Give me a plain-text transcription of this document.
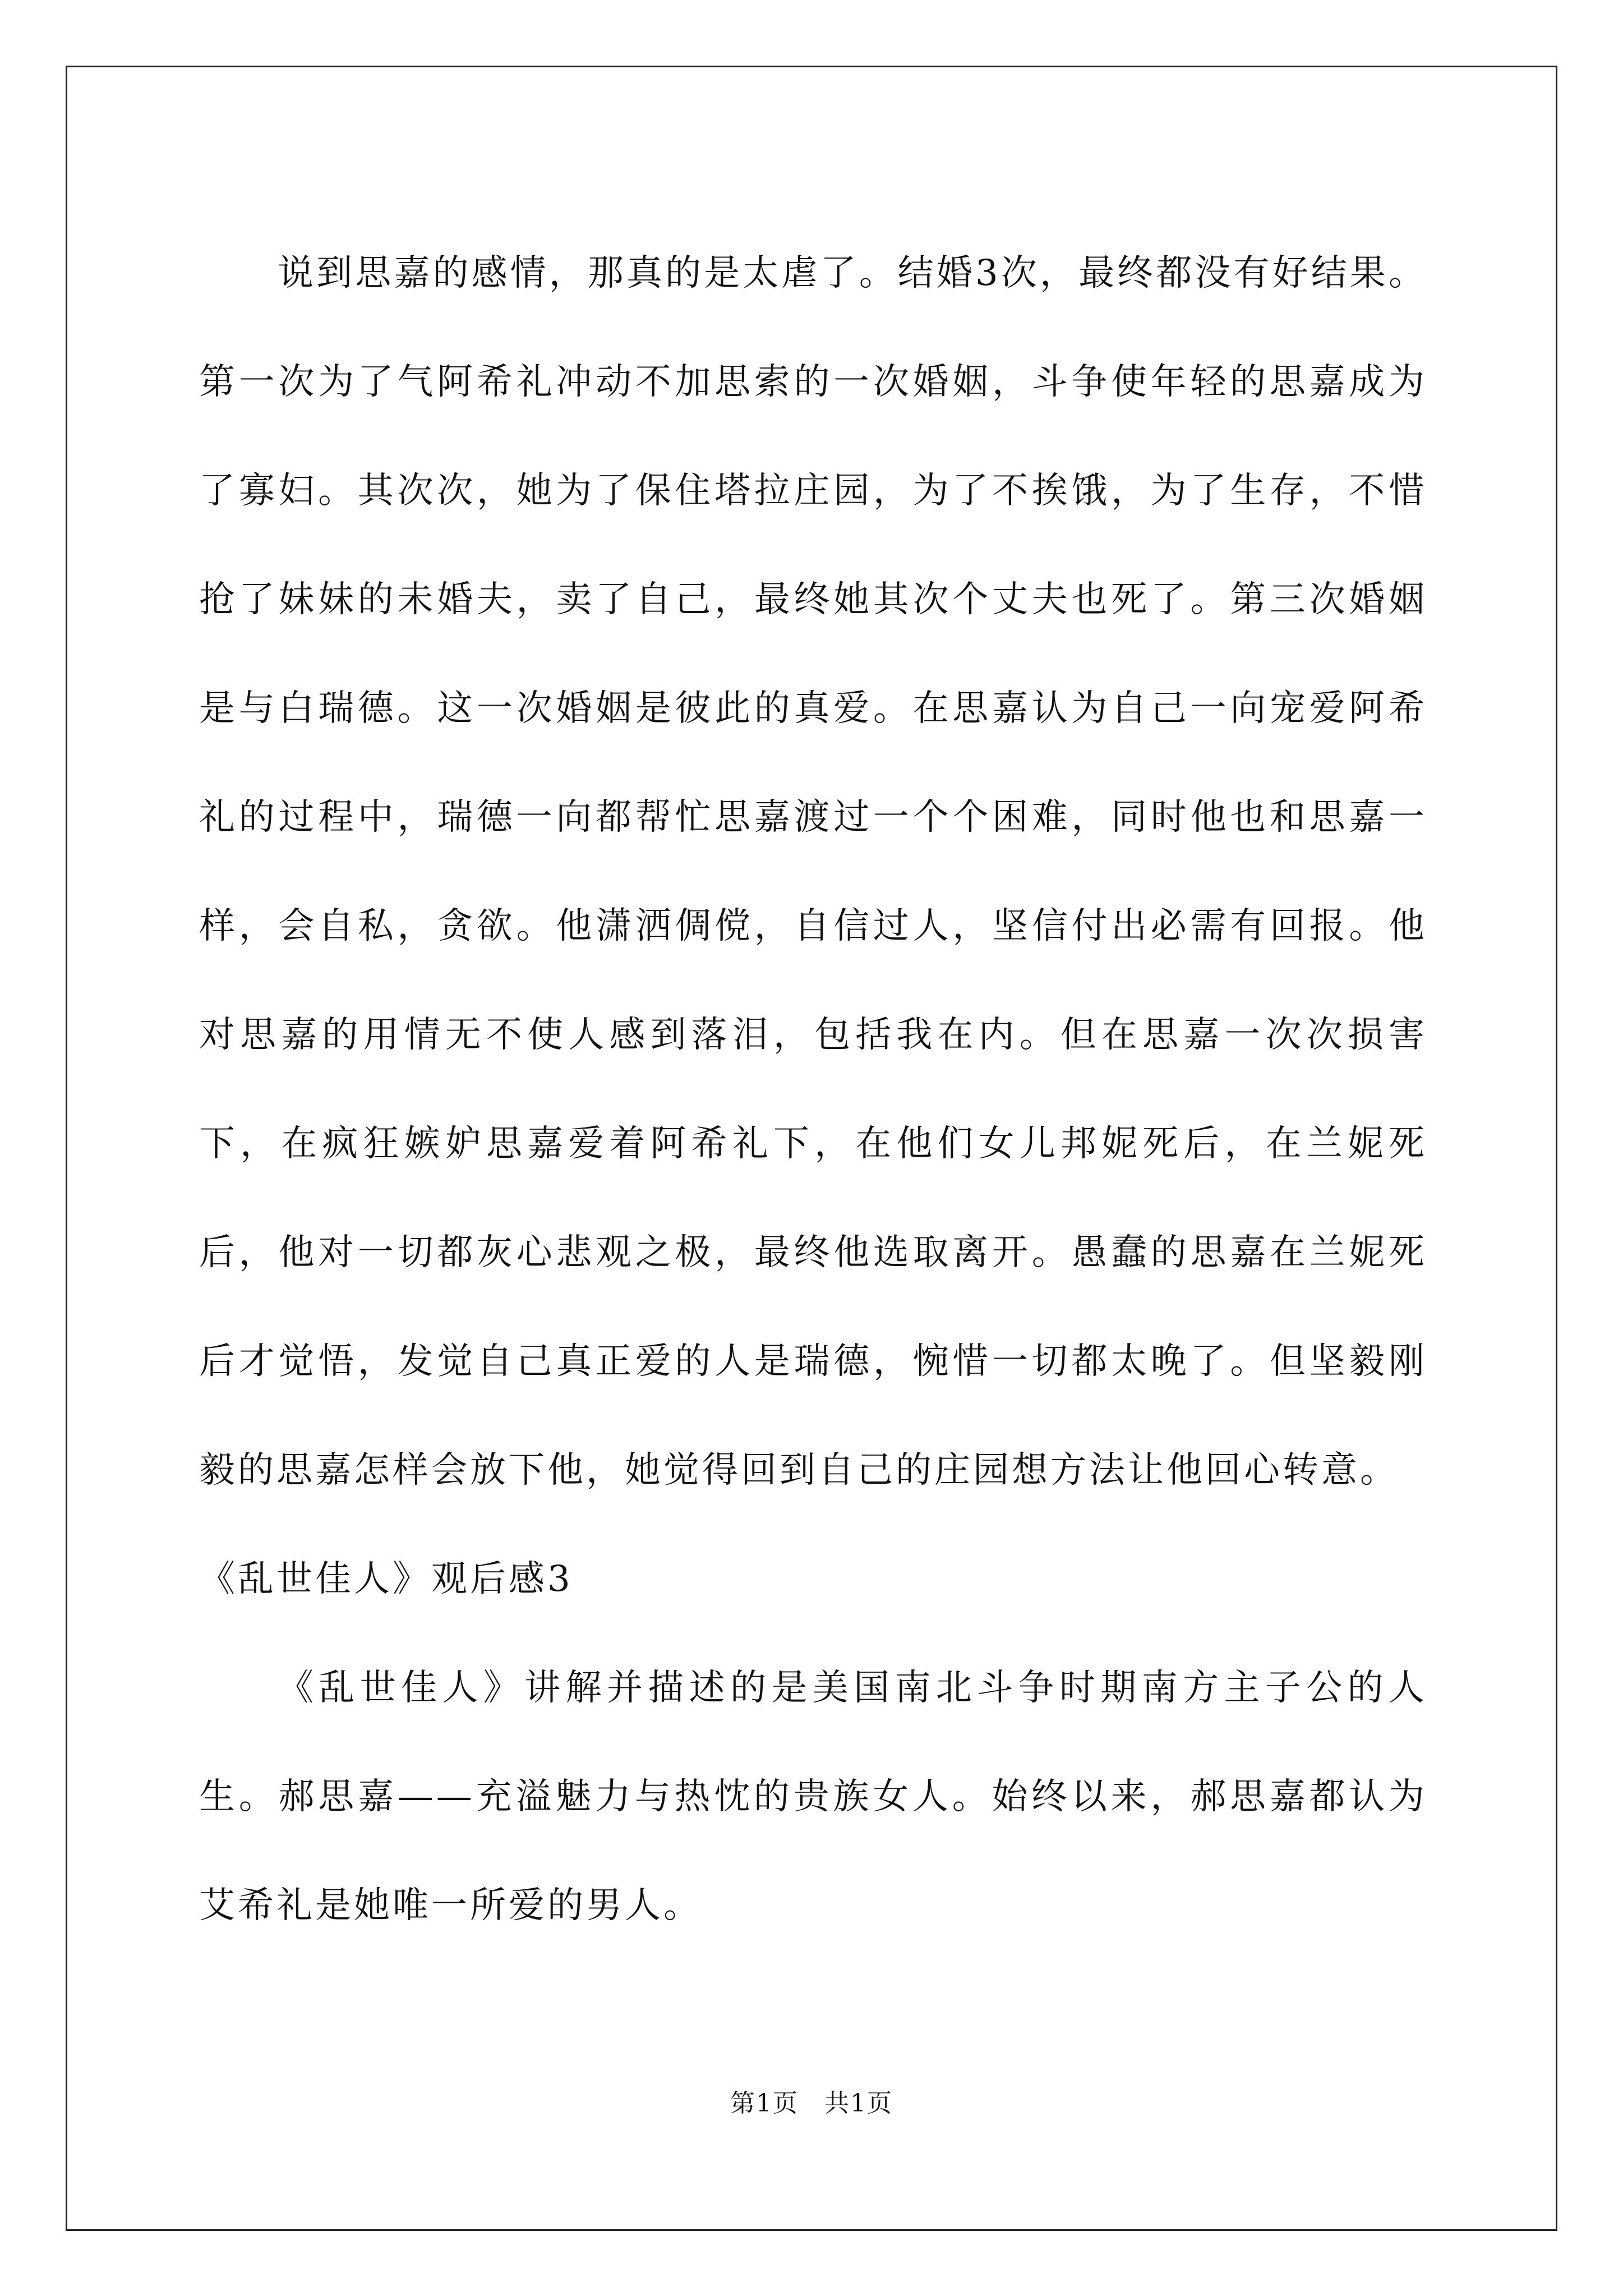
说到思嘉的感情，那真的是太虐了。结婚3次，最终都没有好结果。第一次为了气阿希礼冲动不加思索的一次婚姻，斗争使年轻的思嘉成为了寡妇。其次次，她为了保住塔拉庄园，为了不挨饿，为了生存，不惜抢了妹妹的未婚夫，卖了自己，最终她其次个丈夫也死了。第三次婚姻是与白瑞德。这一次婚姻是彼此的真爱。在思嘉认为自己一向宠爱阿希礼的过程中，瑞德一向都帮忙思嘉渡过一个个困难，同时他也和思嘉一样，会自私，贪欲。他潇洒倜傥，自信过人，坚信付出必需有回报。他对思嘉的用情无不使人感到落泪，包括我在内。但在思嘉一次次损害下，在疯狂嫉妒思嘉爱着阿希礼下，在他们女儿邦妮死后，在兰妮死后，他对一切都灰心悲观之极，最终他选取离开。愚蠢的思嘉在兰妮死后才觉悟，发觉自己真正爱的人是瑞德，惋惜一切都太晚了。但坚毅刚毅的思嘉怎样会放下他，她觉得回到自己的庄园想方法让他回心转意。

《乱世佳人》观后感3

《乱世佳人》讲解并描述的是美国南北斗争时期南方主子公的人生。郝思嘉——充溢魅力与热忱的贵族女人。始终以来，郝思嘉都认为艾希礼是她唯一所爱的男人。

第1页　共1页
